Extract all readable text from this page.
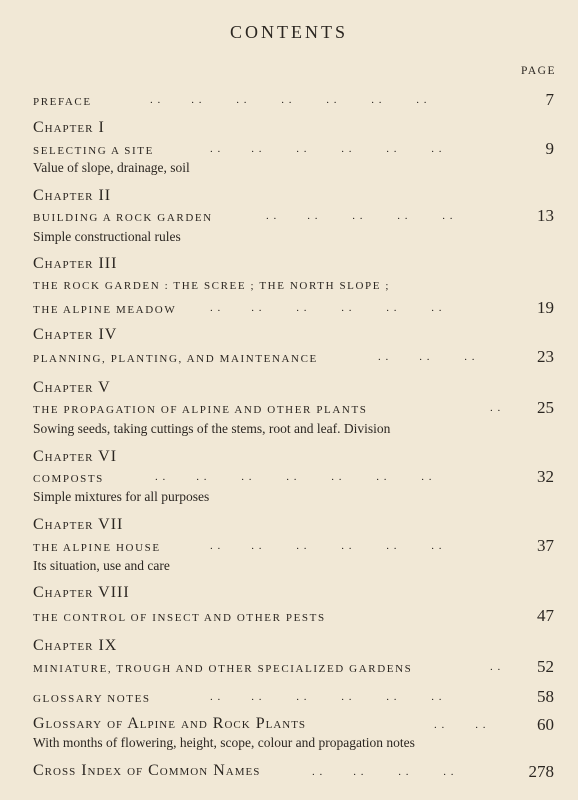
CONTENTS
PAGE
PREFACE	. .        . .         . .         . .         . .         . .         . .	7
Chapter I
SELECTING A SITE	. .        . .         . .         . .         . .         . .	9
Value of slope, drainage, soil
Chapter II
BUILDING A ROCK GARDEN	. .        . .         . .         . .         . .	13
Simple constructional rules
Chapter III
THE ROCK GARDEN : THE SCREE ; THE NORTH SLOPE ;
THE ALPINE MEADOW	. .        . .         . .         . .         . .         . .	19
Chapter IV
PLANNING, PLANTING, AND MAINTENANCE	. .        . .         . .	23
Chapter V
THE PROPAGATION OF ALPINE AND OTHER PLANTS	. . 25
Sowing seeds, taking cuttings of the stems, root and leaf. Division
Chapter VI
COMPOSTS	. .        . .         . .         . .         . .         . .         . .	32
Simple mixtures for all purposes
Chapter VII
THE ALPINE HOUSE	. .        . .         . .         . .         . .         . .	37
Its situation, use and care
Chapter VIII
THE CONTROL OF INSECT AND OTHER PESTS	47
Chapter IX
MINIATURE, TROUGH AND OTHER SPECIALIZED GARDENS	. . 52
GLOSSARY NOTES	. .        . .         . .         . .         . .         . .	58
Glossary of Alpine and Rock Plants	. .        . .	60
With months of flowering, height, scope, colour and propagation notes
Cross Index of Common Names	. .        . .         . .         . .	278
